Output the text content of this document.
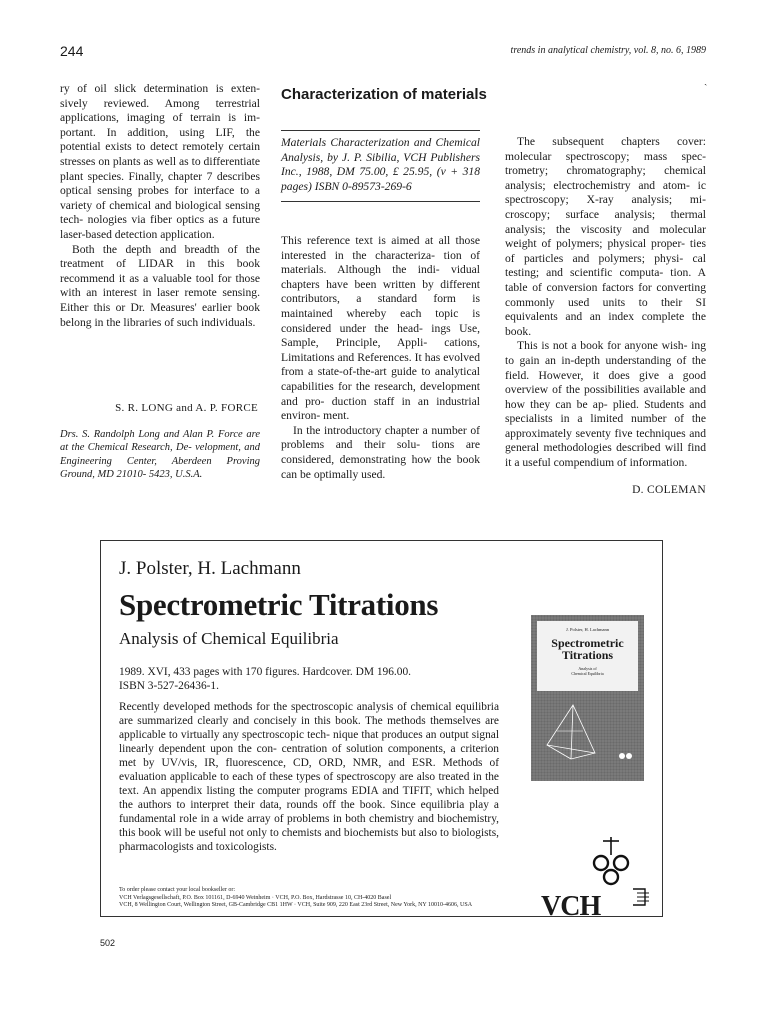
244	trends in analytical chemistry, vol. 8, no. 6, 1989
ˎ

ry of oil slick determination is exten- sively reviewed. Among terrestrial applications, imaging of terrain is im- portant. In addition, using LIF, the potential exists to detect remotely certain stresses on plants as well as to differentiate plant species. Finally, chapter 7 describes optical sensing probes for interface to a variety of chemical and biological sensing tech- nologies via fiber optics as a future laser-based detection application.

Both the depth and breadth of the treatment of LIDAR in this book recommend it as a valuable tool for those with an interest in laser remote sensing. Either this or Dr. Measures' earlier book belong in the libraries of such individuals.

S. R. LONG and A. P. FORCE
Drs. S. Randolph Long and Alan P. Force are at the Chemical Research, De- velopment, and Engineering Center, Aberdeen Proving Ground, MD 21010- 5423, U.S.A.
Characterization of materials

Materials Characterization and Chemical Analysis, by J. P. Sibilia, VCH Publishers Inc., 1988, DM 75.00, £ 25.95, (v + 318 pages) ISBN 0-89573-269-6

This reference text is aimed at all those interested in the characteriza- tion of materials. Although the indi- vidual chapters have been written by different contributors, a standard form is maintained whereby each topic is considered under the head- ings Use, Sample, Principle, Appli- cations, Limitations and References. It has evolved from a state-of-the-art guide to analytical capabilities for the research, development and pro- duction staff in an industrial environ- ment.

In the introductory chapter a number of problems and their solu- tions are considered, demonstrating how the book can be optimally used.

The subsequent chapters cover: molecular spectroscopy; mass spec- trometry; chromatography; chemical analysis; electrochemistry and atom- ic spectroscopy; X-ray analysis; mi- croscopy; surface analysis; thermal analysis; the viscosity and molecular weight of polymers; physical proper- ties of particles and polymers; physi- cal testing; and scientific computa- tion. A table of conversion factors for converting commonly used units to their SI equivalents and an index complete the book.

This is not a book for anyone wish- ing to gain an in-depth understanding of the field. However, it does give a good overview of the possibilities available and how they can be ap- plied. Students and specialists in a limited number of the approximately seventy five techniques and general methodologies described will find it a useful compendium of information.

D. COLEMAN
J. Polster, H. Lachmann
Spectrometric Titrations
Analysis of Chemical Equilibria
1989. XVI, 433 pages with 170 figures. Hardcover. DM 196.00.
ISBN 3-527-26436-1.
Recently developed methods for the spectroscopic analysis of chemical equilibria are summarized clearly and concisely in this book. The methods themselves are applicable to virtually any spectroscopic tech- nique that produces an output signal linearly dependent upon the con- centration of solution components, a criterion met by UV/vis, IR, fluorescence, CD, ORD, NMR, and ESR. Methods of evaluation applicable to each of these types of spectroscopy are also treated in the text. An appendix listing the computer programs EDIA and TIFIT, which helped the authors to interpret their data, rounds off the book. Since equilibria play a fundamental role in a wide array of problems in both chemistry and biochemistry, this book will be useful not only to chemists and biochemists but also to biologists, pharmacologists and toxicologists.
J. Polster, H. Lachmann
Spectrometric
Titrations
Analysis of
Chemical Equilibria
VCH
To order please contact your local bookseller or:
VCH Verlagsgesellschaft, P.O. Box 101161, D-6940 Weinheim · VCH, P.O. Box, Hardstrasse 10, CH-4020 Basel
VCH, 8 Wellington Court, Wellington Street, GB-Cambridge CB1 1HW · VCH, Suite 909, 220 East 23rd Street, New York, NY 10010-4606, USA
502
